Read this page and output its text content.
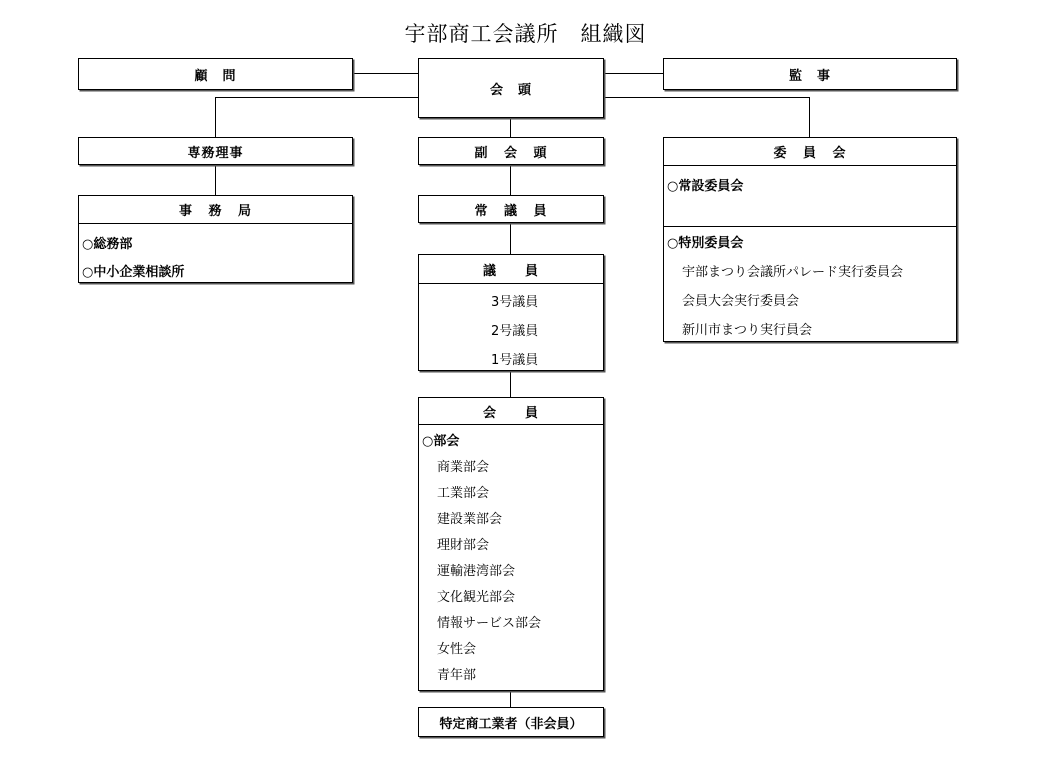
宇部商工会議所　組織図
顧　問
会　頭
監　事
専務理事	副 会 頭	委 員 会
○常設委員会
○特別委員会
宇部まつり会議所パレード実行委員会
会員大会実行委員会
新川市まつり実行員会
事 務 局
○総務部
○中小企業相談所
常 議 員
議　　員
3号議員
2号議員
1号議員
会　　員
○部会
商業部会
工業部会
建設業部会
理財部会
運輸港湾部会
文化観光部会
情報サービス部会
女性会
青年部
特定商工業者（非会員）
